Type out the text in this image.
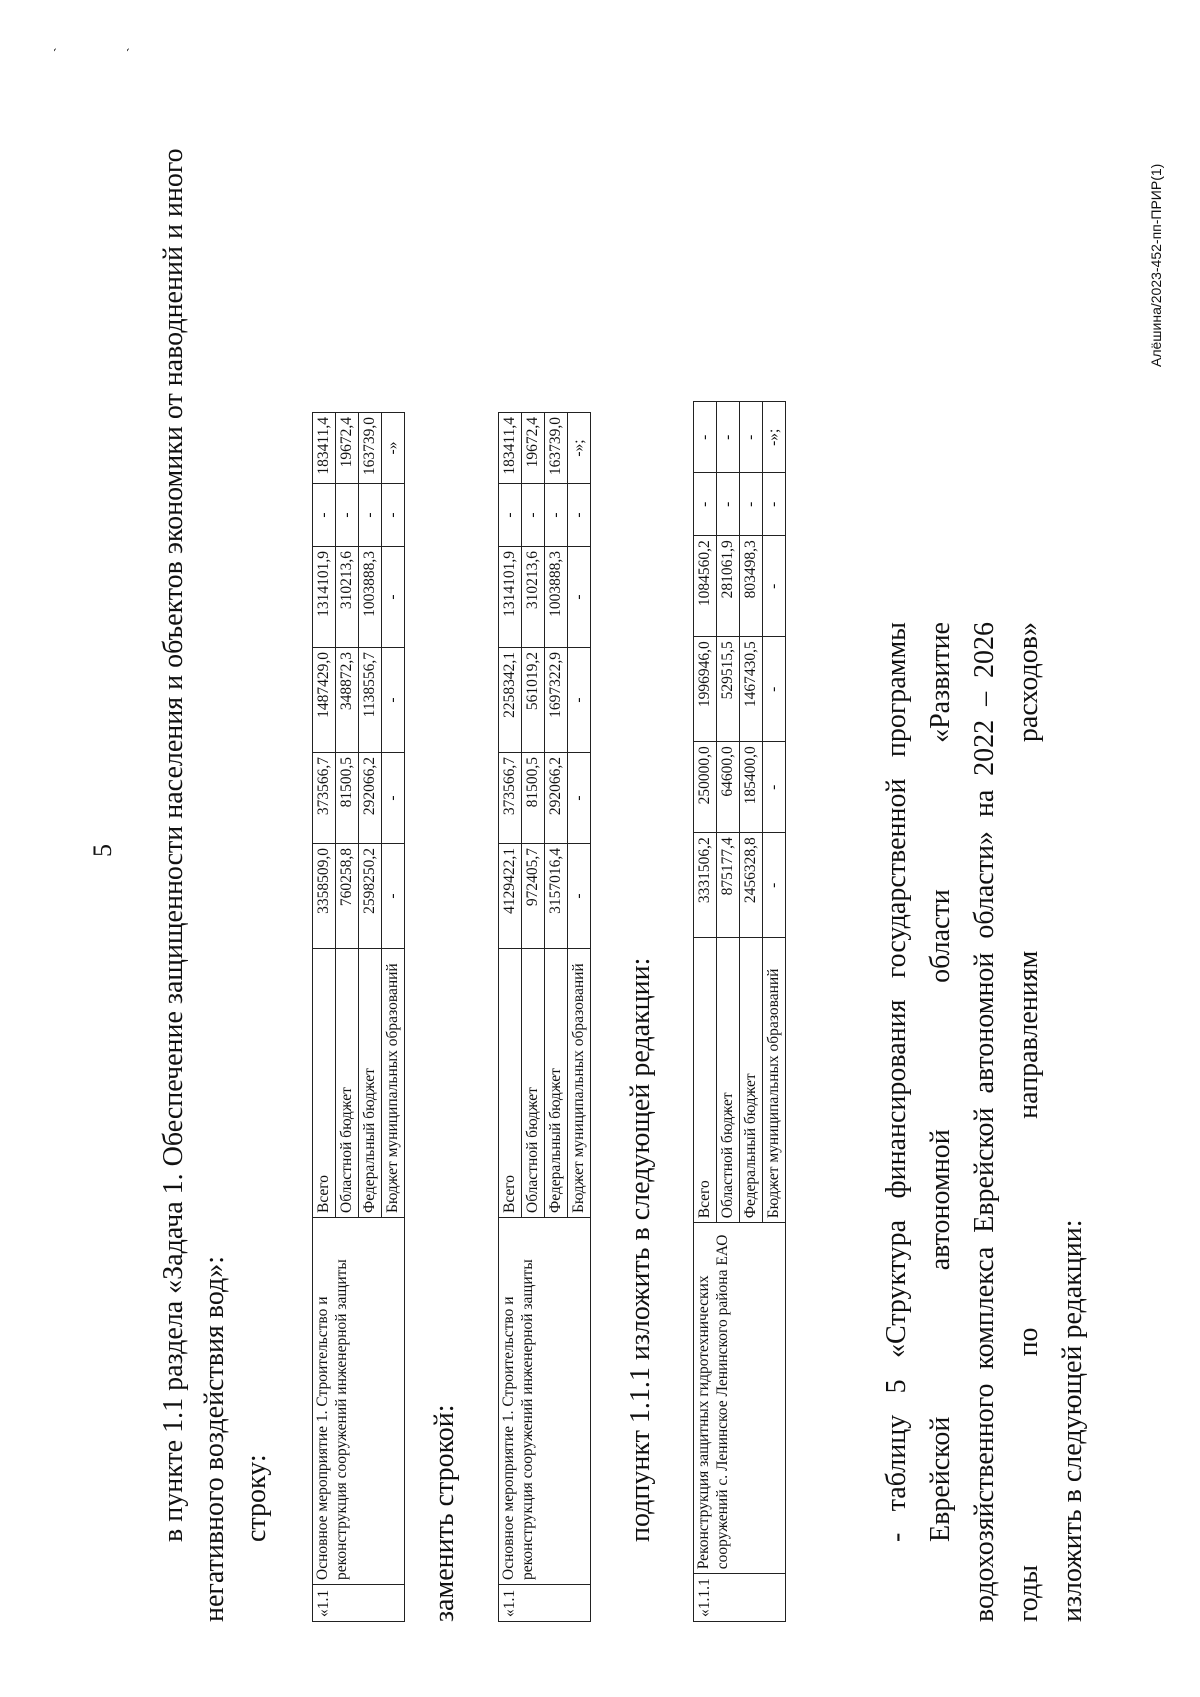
ˎ	ˏ
5 в пункте 1.1 раздела «Задача 1. Обеспечение защищенности населения и объектов экономики от наводнений и иного негативного воздействия вод»: строку:
«1.1	Основное мероприятие 1. Строительство и реконструкция сооружений инженерной защиты	Всего	3358509,0	373566,7	1487429,0	1314101,9	-	183411,4
		Областной бюджет	760258,8	81500,5	348872,3	310213,6	-	19672,4
		Федеральный бюджет	2598250,2	292066,2	1138556,7	1003888,3	-	163739,0
		Бюджет муниципальных образований	-	-	-	-	-	-»
заменить строкой:	«1.1	Основное мероприятие 1. Строительство и реконструкция сооружений инженерной защиты	Всего	4129422,1	373566,7	2258342,1	1314101,9	-	183411,4
		Областной бюджет	972405,7	81500,5	561019,2	310213,6	-	19672,4
		Федеральный бюджет	3157016,4	292066,2	1697322,9	1003888,3	-	163739,0
		Бюджет муниципальных образований	-	-	-	-	-	-»;
подпункт 1.1.1 изложить в следующей редакции:
«1.1.1	Реконструкция защитных гидротехнических сооружений с. Ленинское Ленинского района ЕАО	Всего	3331506,2	250000,0	1996946,0	1084560,2	-	-
		Областной бюджет	875177,4	64600,0	529515,5	281061,9	-	-
		Федеральный бюджет	2456328,8	185400,0	1467430,5	803498,3	-	-
		Бюджет муниципальных образований	-	-	-	-	-	-»;
- таблицу 5 «Структура финансирования государственной программы Еврейской автономной области «Развитие водохозяйственного комплекса Еврейской автономной области» на 2022 – 2026 годы по направлениям расходов» изложить в следующей редакции:
Алёшина/2023-452-пп-ПРИР(1)
